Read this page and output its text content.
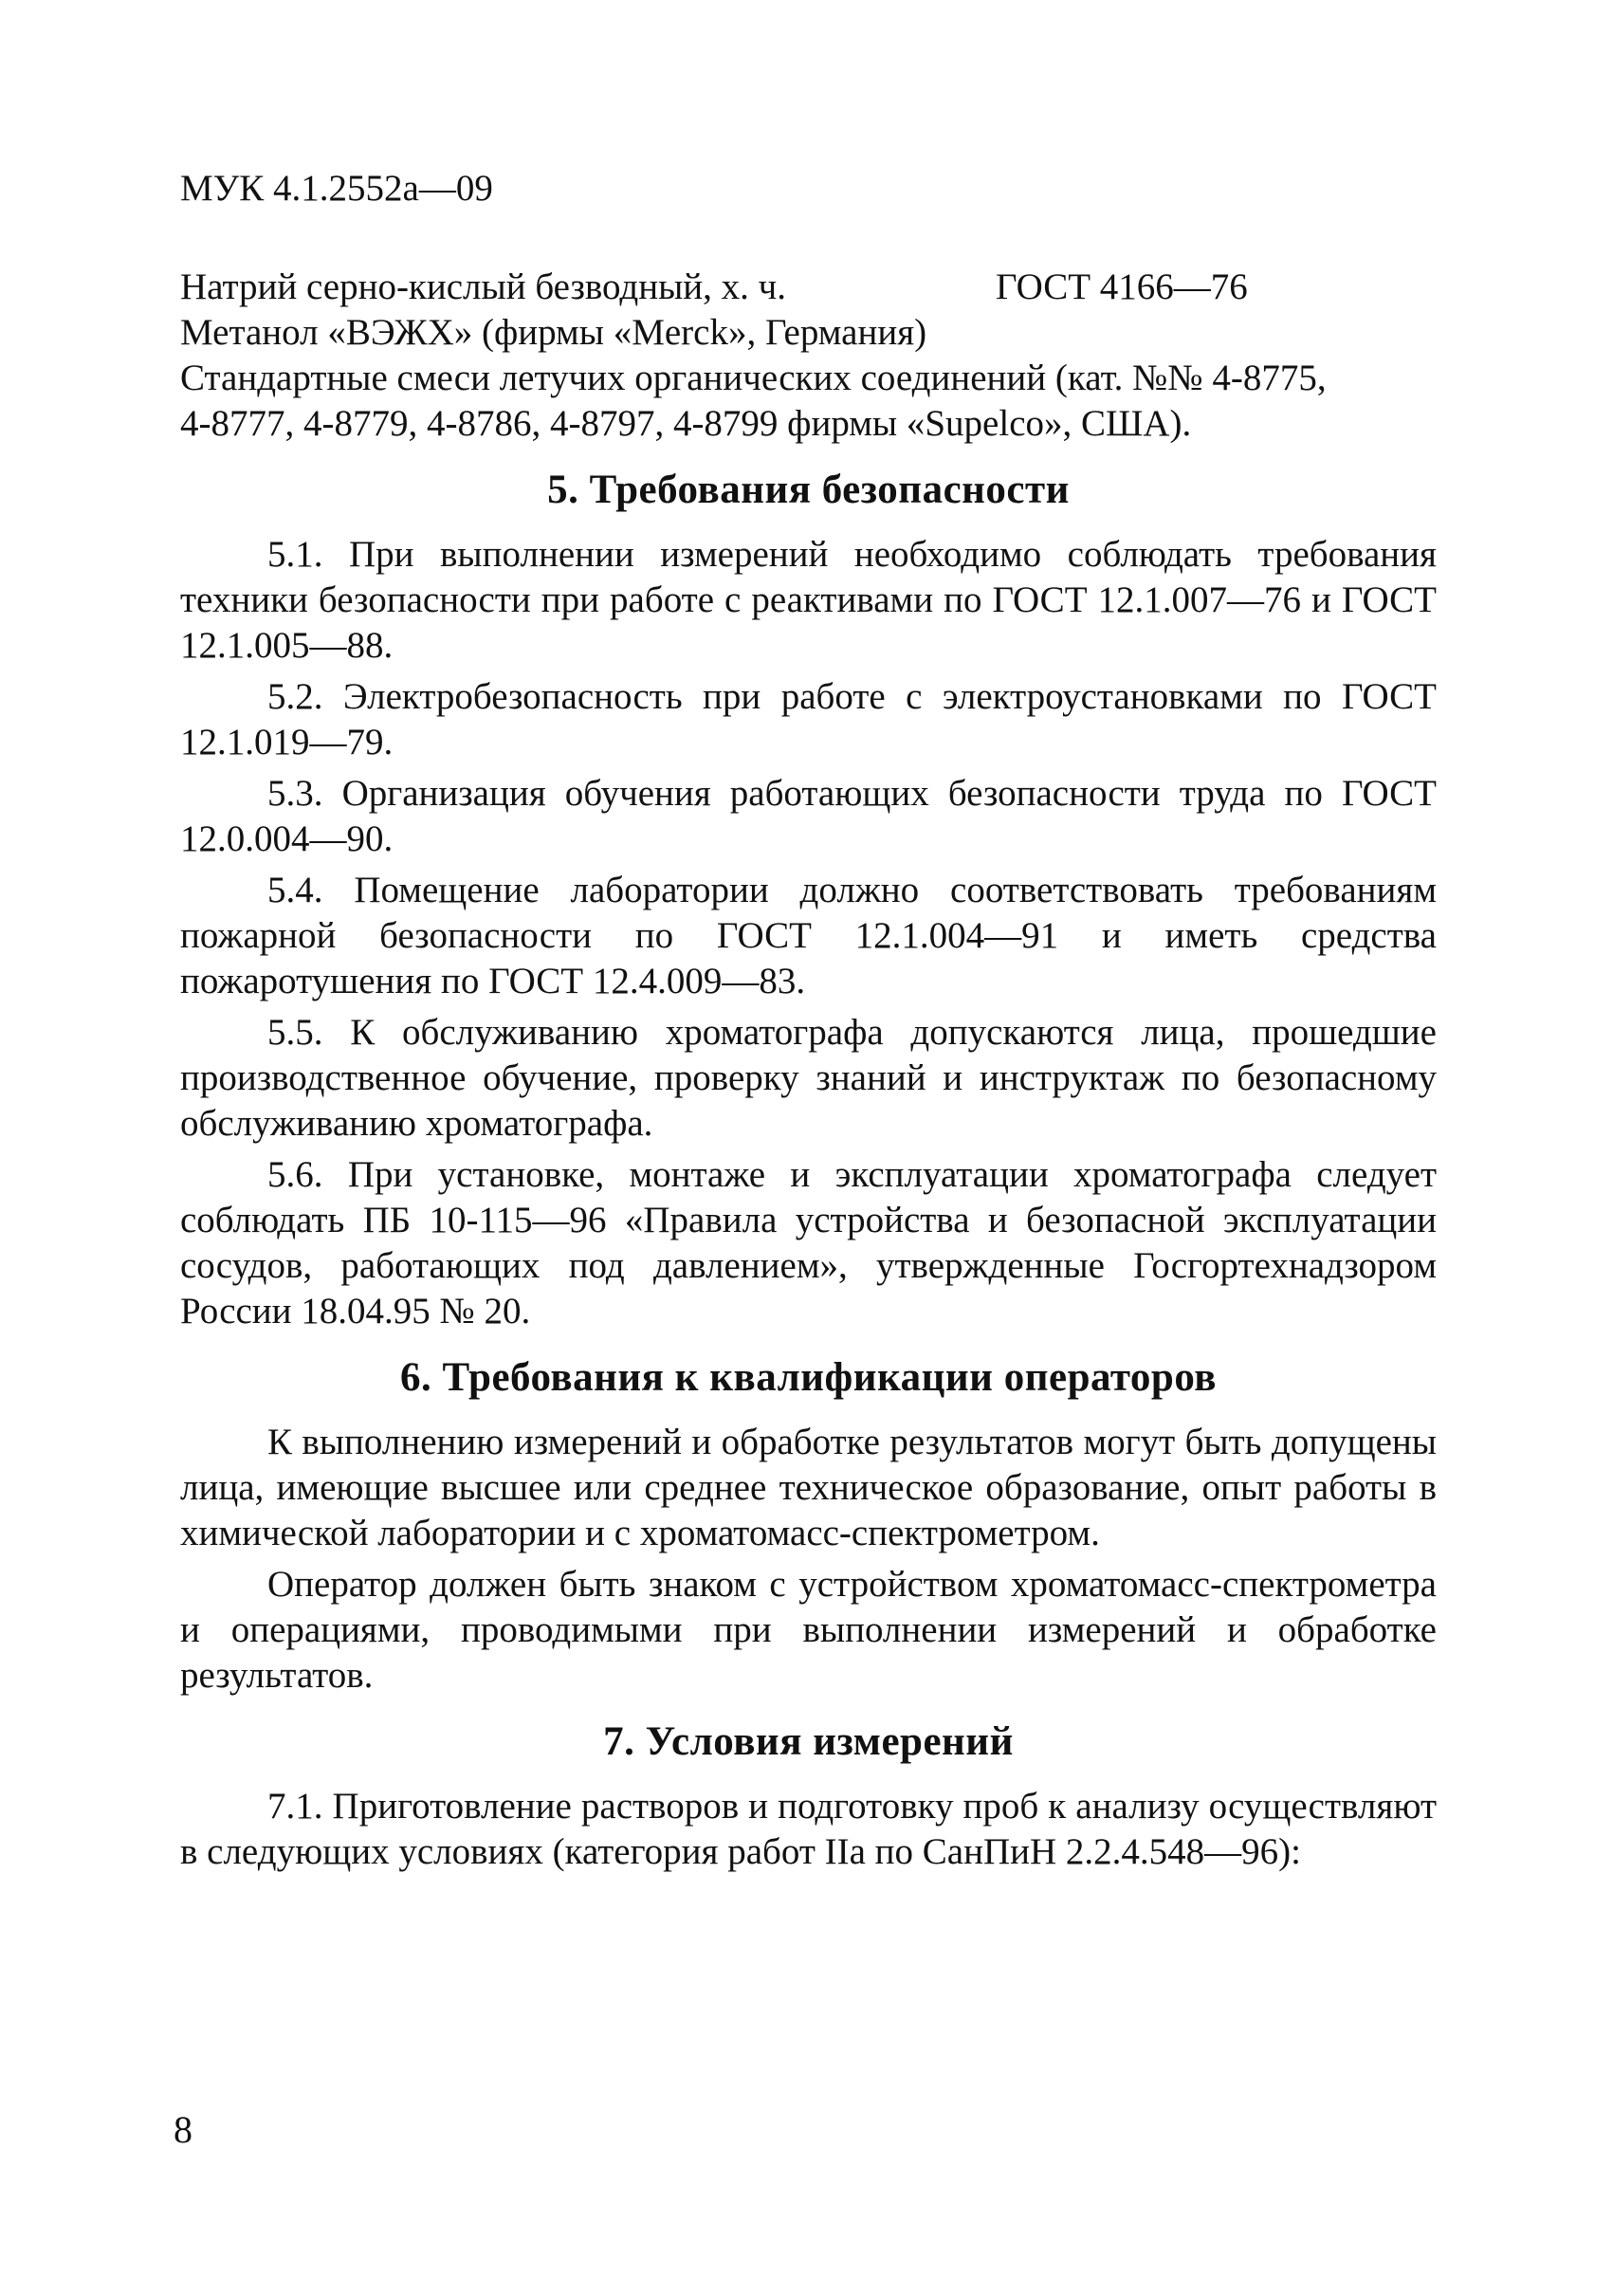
МУК 4.1.2552а—09
Натрий серно-кислый безводный, х. ч.	ГОСТ 4166—76
Метанол «ВЭЖХ» (фирмы «Merck», Германия)
Стандартные смеси летучих органических соединений (кат. №№ 4-8775,
4-8777, 4-8779, 4-8786, 4-8797, 4-8799 фирмы «Supelco», США).
5. Требования безопасности

5.1. При выполнении измерений необходимо соблюдать требования техники безопасности при работе с реактивами по ГОСТ 12.1.007—76 и ГОСТ 12.1.005—88.

5.2. Электробезопасность при работе с электроустановками по ГОСТ 12.1.019—79.

5.3. Организация обучения работающих безопасности труда по ГОСТ 12.0.004—90.

5.4. Помещение лаборатории должно соответствовать требованиям пожарной безопасности по ГОСТ 12.1.004—91 и иметь средства пожаротушения по ГОСТ 12.4.009—83.

5.5. К обслуживанию хроматографа допускаются лица, прошедшие производственное обучение, проверку знаний и инструктаж по безопасному обслуживанию хроматографа.

5.6. При установке, монтаже и эксплуатации хроматографа следует соблюдать ПБ 10-115—96 «Правила устройства и безопасной эксплуатации сосудов, работающих под давлением», утвержденные Госгортехнадзором России 18.04.95 № 20.

6. Требования к квалификации операторов

К выполнению измерений и обработке результатов могут быть допущены лица, имеющие высшее или среднее техническое образование, опыт работы в химической лаборатории и с хроматомасс-спектрометром.

Оператор должен быть знаком с устройством хроматомасс-спектрометра и операциями, проводимыми при выполнении измерений и обработке результатов.

7. Условия измерений

7.1. Приготовление растворов и подготовку проб к анализу осуществляют в следующих условиях (категория работ IIa по СанПиН 2.2.4.548—96):

8
